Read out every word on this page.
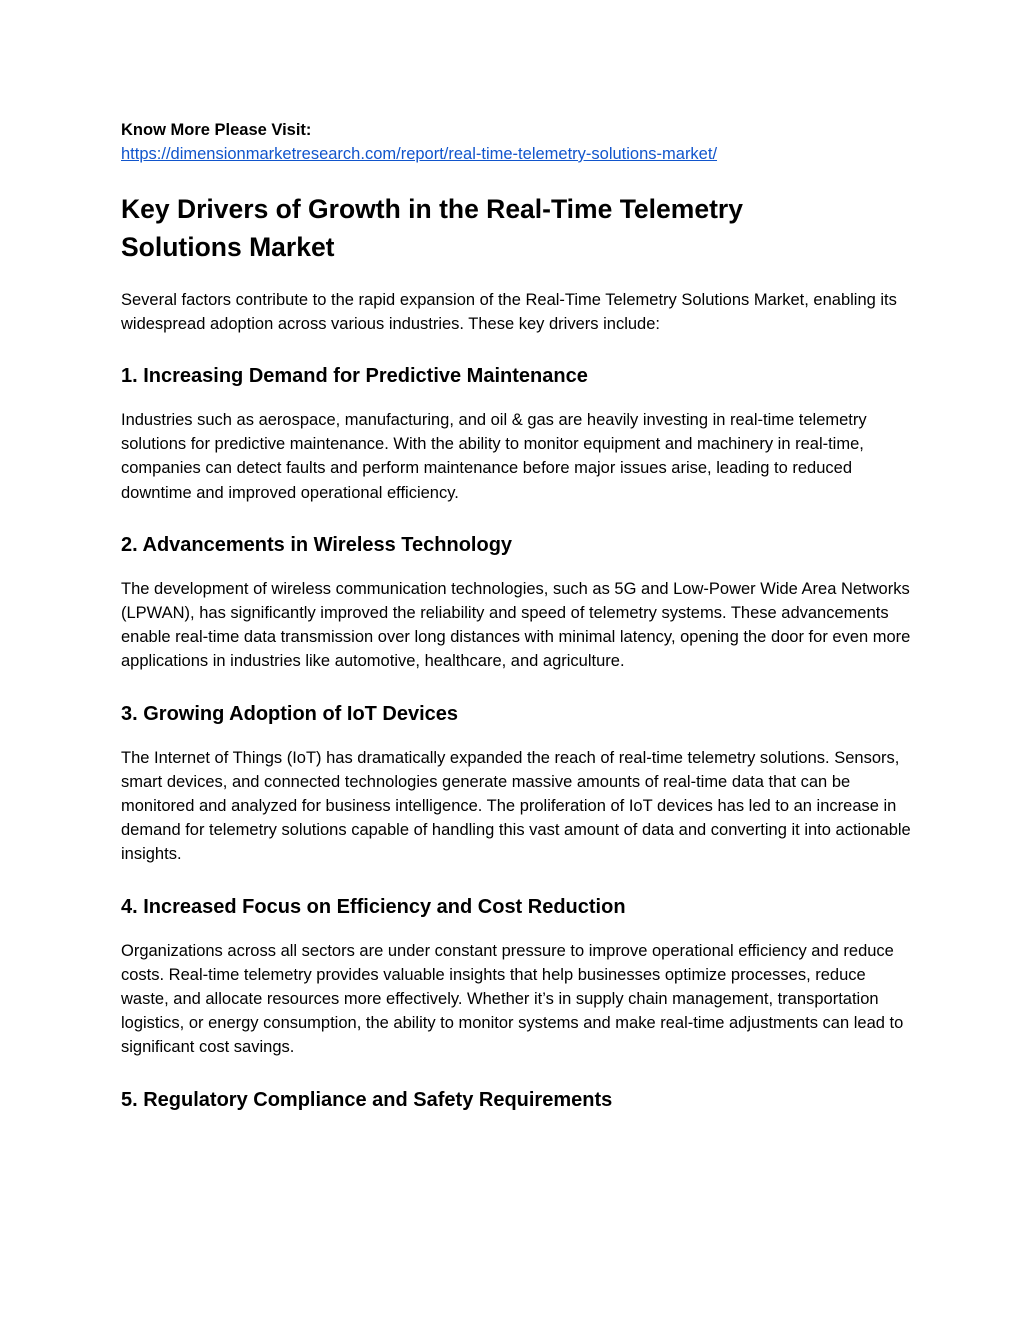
Know More Please Visit:

https://dimensionmarketresearch.com/report/real-time-telemetry-solutions-market/
Key Drivers of Growth in the Real-Time Telemetry Solutions Market

Several factors contribute to the rapid expansion of the Real-Time Telemetry Solutions Market, enabling its widespread adoption across various industries. These key drivers include:

1. Increasing Demand for Predictive Maintenance

Industries such as aerospace, manufacturing, and oil & gas are heavily investing in real-time telemetry solutions for predictive maintenance. With the ability to monitor equipment and machinery in real-time, companies can detect faults and perform maintenance before major issues arise, leading to reduced downtime and improved operational efficiency.

2. Advancements in Wireless Technology

The development of wireless communication technologies, such as 5G and Low-Power Wide Area Networks (LPWAN), has significantly improved the reliability and speed of telemetry systems. These advancements enable real-time data transmission over long distances with minimal latency, opening the door for even more applications in industries like automotive, healthcare, and agriculture.

3. Growing Adoption of IoT Devices

The Internet of Things (IoT) has dramatically expanded the reach of real-time telemetry solutions. Sensors, smart devices, and connected technologies generate massive amounts of real-time data that can be monitored and analyzed for business intelligence. The proliferation of IoT devices has led to an increase in demand for telemetry solutions capable of handling this vast amount of data and converting it into actionable insights.

4. Increased Focus on Efficiency and Cost Reduction

Organizations across all sectors are under constant pressure to improve operational efficiency and reduce costs. Real-time telemetry provides valuable insights that help businesses optimize processes, reduce waste, and allocate resources more effectively. Whether it’s in supply chain management, transportation logistics, or energy consumption, the ability to monitor systems and make real-time adjustments can lead to significant cost savings.

5. Regulatory Compliance and Safety Requirements
